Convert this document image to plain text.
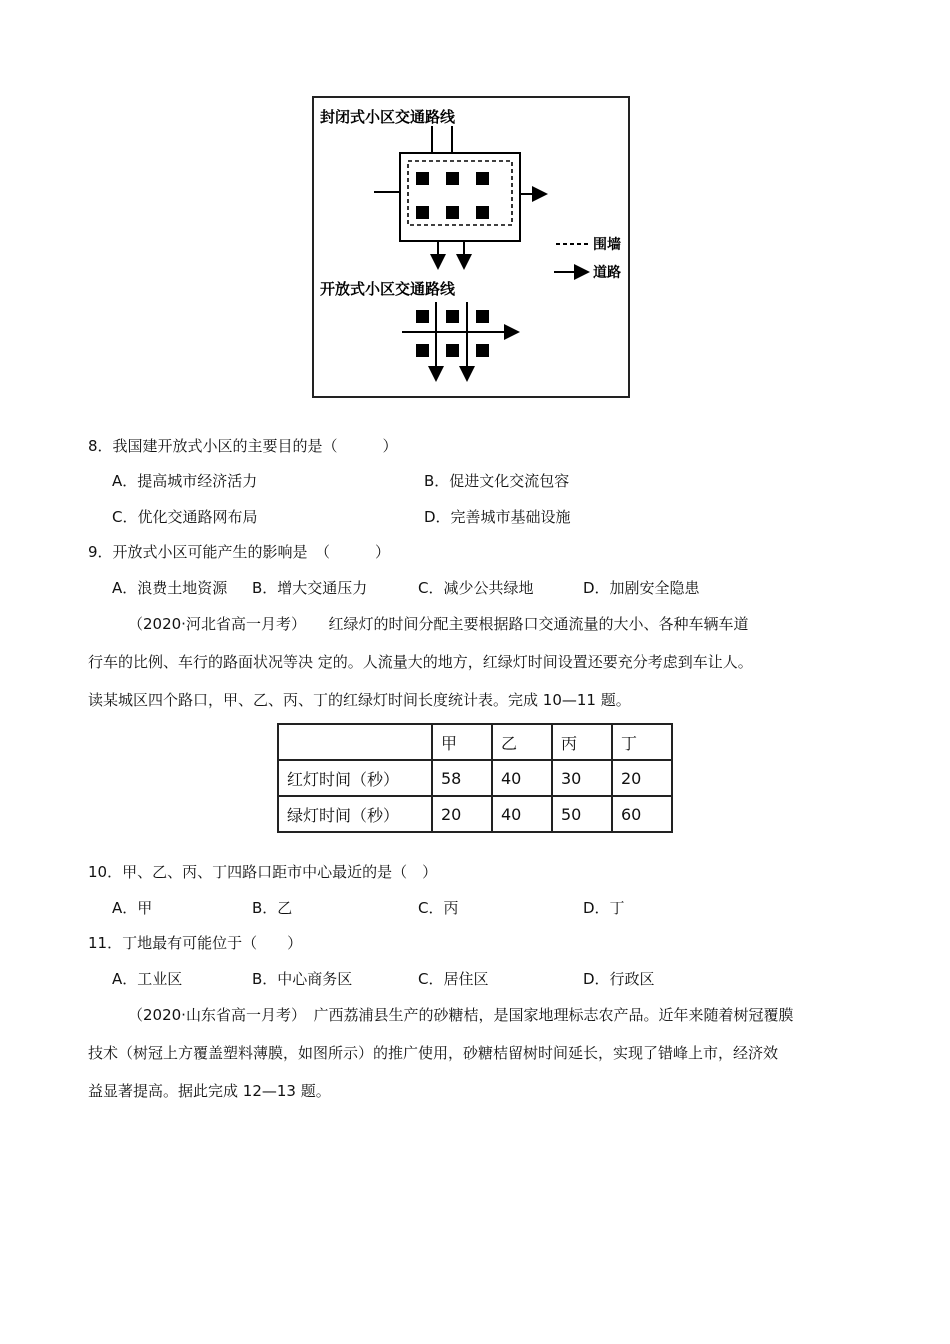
封闭式小区交通路线
围墙
道路
开放式小区交通路线
8．我国建开放式小区的主要目的是（　　　）
A．提高城市经济活力	B．促进文化交流包容
C．优化交通路网布局	D．完善城市基础设施
9．开放式小区可能产生的影响是　（　　　）
A．浪费土地资源 B．增大交通压力	C．减少公共绿地	D．加剧安全隐患
（2020·河北省高一月考）　　红绿灯的时间分配主要根据路口交通流量的大小、各种车辆车道
行车的比例、车行的路面状况等决 定的。人流量大的地方，红绿灯时间设置还要充分考虑到车让人。
读某城区四个路口，甲、乙、丙、丁的红绿灯时间长度统计表。完成 10—11 题。
	甲	乙	丙	丁
红灯时间（秒）	58	40	30	20
绿灯时间（秒）	20	40	50	60
10．甲、乙、丙、丁四路口距市中心最近的是（　）
A．甲	B．乙	C．丙	D．丁
11．丁地最有可能位于（　　）
A．工业区	B．中心商务区	C．居住区	D．行政区
（2020·山东省高一月考）　广西荔浦县生产的砂糖桔，是国家地理标志农产品。近年来随着树冠覆膜
技术（树冠上方覆盖塑料薄膜，如图所示）的推广使用，砂糖桔留树时间延长，实现了错峰上市，经济效
益显著提高。据此完成 12—13 题。
